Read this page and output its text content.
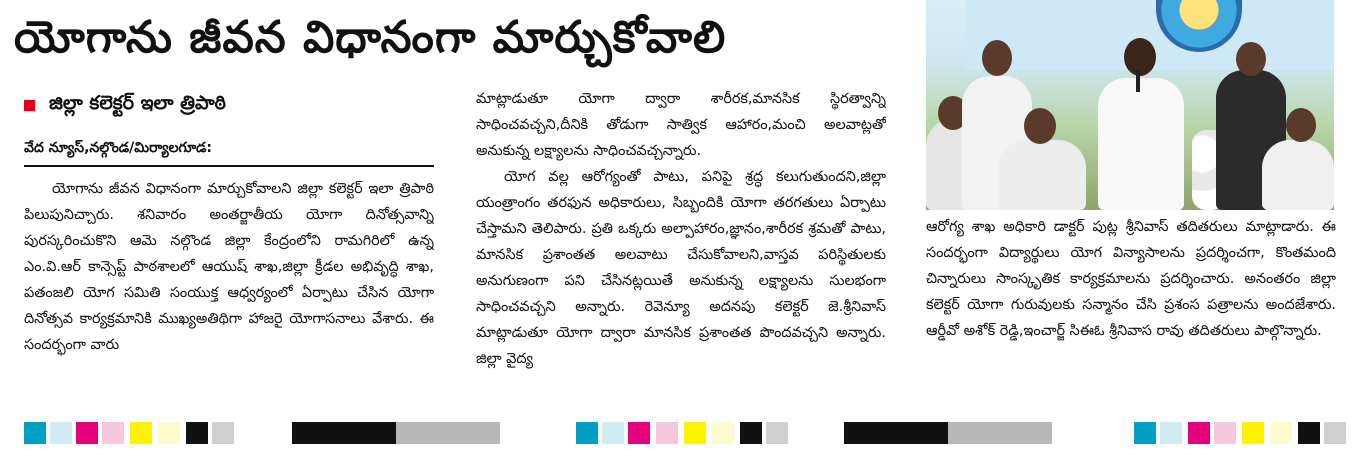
యోగాను జీవన విధానంగా మార్చుకోవాలి
జిల్లా కలెక్టర్ ఇలా త్రిపాఠి
వేద న్యూస్,నల్గొండ/మిర్యాలగూడ:

యోగాను జీవన విధానంగా మార్చుకోవాలని జిల్లా కలెక్టర్ ఇలా త్రిపాఠి పిలుపునిచ్చారు. శనివారం అంతర్జాతీయ యోగా దినోత్సవాన్ని పురస్కరించుకొని ఆమె నల్గొండ జిల్లా కేంద్రంలోని రామగిరిలో ఉన్న ఎం.వి.ఆర్ కాన్సెప్ట్ పాఠశాలలో ఆయుష్ శాఖ,జిల్లా క్రీడల అభివృద్ధి శాఖ, పతంజలి యోగ సమితి సంయుక్త ఆధ్వర్యంలో ఏర్పాటు చేసిన యోగా దినోత్సవ కార్యక్రమానికి ముఖ్యఅతిథిగా హాజరై యోగాసనాలు వేశారు. ఈ సందర్భంగా వారు

మాట్లాడుతూ యోగా ద్వారా శారీరక,మానసిక స్థిరత్వాన్ని సాధించవచ్చని,దీనికి తోడుగా సాత్విక ఆహారం,మంచి అలవాట్లతో అనుకున్న లక్ష్యాలను సాధించవచ్చన్నారు.

యోగ వల్ల ఆరోగ్యంతో పాటు, పనిపై శ్రద్ధ కలుగుతుందని,జిల్లా యంత్రాంగం తరఫున అధికారులు, సిబ్బందికి యోగా తరగతులు ఏర్పాటు చేస్తామని తెలిపారు. ప్రతి ఒక్కరు అల్పాహారం,జ్ఞానం,శారీరక శ్రమతో పాటు, మానసిక ప్రశాంతత అలవాటు చేసుకోవాలని,వాస్తవ పరిస్థితులకు అనుగుణంగా పని చేసినట్లయితే అనుకున్న లక్ష్యాలను సులభంగా సాధించవచ్చని అన్నారు. రెవెన్యూ అదనపు కలెక్టర్ జె.శ్రీనివాస్ మాట్లాడుతూ యోగా ద్వారా మానసిక ప్రశాంతత పొందవచ్చని అన్నారు. జిల్లా వైద్య

ఆరోగ్య శాఖ అధికారి డాక్టర్ పుట్ల శ్రీనివాస్ తదితరులు మాట్లాడారు. ఈ సందర్భంగా విద్యార్థులు యోగ విన్యాసాలను ప్రదర్శించగా, కొంతమంది చిన్నారులు సాంస్కృతిక కార్యక్రమాలను ప్రదర్శించారు. అనంతరం జిల్లా కలెక్టర్ యోగా గురువులకు సన్మానం చేసి ప్రశంస పత్రాలను అందజేశారు. ఆర్డీవో అశోక్ రెడ్డి,ఇంచార్జ్ సిఈఓ శ్రీనివాస రావు తదితరులు పాల్గొన్నారు.
